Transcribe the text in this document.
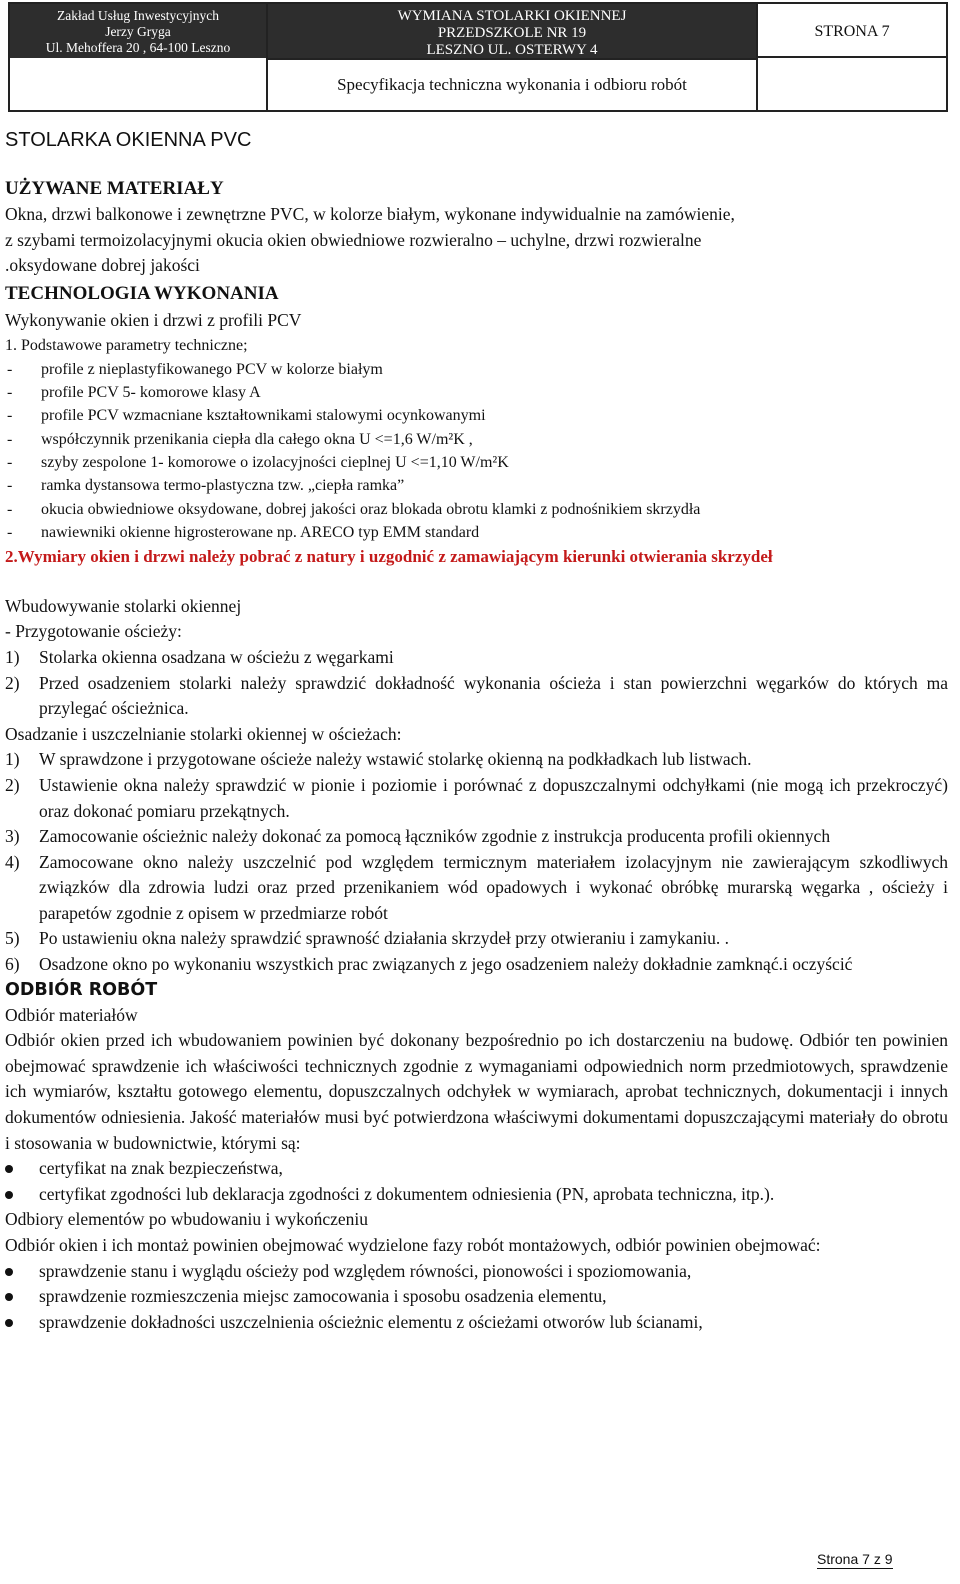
Zakład Usług Inwestycyjnych
Jerzy Gryga
Ul. Mehoffera 20 , 64-100 Leszno
WYMIANA STOLARKI OKIENNEJ
PRZEDSZKOLE NR 19
LESZNO UL. OSTERWY 4
Specyfikacja techniczna wykonania i odbioru robót
STRONA 7
STOLARKA OKIENNA PVC
UŻYWANE MATERIAŁY
Okna, drzwi balkonowe i zewnętrzne PVC, w kolorze białym, wykonane indywidualnie na zamówienie,
z szybami termoizolacyjnymi okucia okien obwiedniowe rozwieralno – uchylne, drzwi rozwieralne
.oksydowane dobrej jakości
TECHNOLOGIA WYKONANIA
Wykonywanie okien i drzwi z profili PCV
1. Podstawowe parametry techniczne;
- profile z nieplastyfikowanego PCV w kolorze białym
- profile PCV 5- komorowe klasy A
- profile PCV wzmacniane kształtownikami stalowymi ocynkowanymi
- współczynnik przenikania ciepła dla całego okna U <=1,6 W/m²K ,
- szyby zespolone 1- komorowe o izolacyjności cieplnej U <=1,10 W/m²K
- ramka dystansowa termo-plastyczna tzw. „ciepła ramka”
- okucia obwiedniowe oksydowane, dobrej jakości oraz blokada obrotu klamki z podnośnikiem skrzydła
- nawiewniki okienne higrosterowane np. ARECO typ EMM standard
2.Wymiary okien i drzwi należy pobrać z natury i uzgodnić z zamawiającym kierunki otwierania skrzydeł
Wbudowywanie stolarki okiennej
- Przygotowanie ościeży:
1) Stolarka okienna osadzana w ościeżu z węgarkami
2) Przed osadzeniem stolarki należy sprawdzić dokładność wykonania ościeża i stan powierzchni węgarków do których ma przylegać ościeżnica.
Osadzanie i uszczelnianie stolarki okiennej w ościeżach:
1) W sprawdzone i przygotowane ościeże należy wstawić stolarkę okienną na podkładkach lub listwach.
2) Ustawienie okna należy sprawdzić w pionie i poziomie i porównać z dopuszczalnymi odchyłkami (nie mogą ich przekroczyć) oraz dokonać pomiaru przekątnych.
3) Zamocowanie ościeżnic należy dokonać za pomocą łączników zgodnie z instrukcja producenta profili okiennych
4) Zamocowane okno należy uszczelnić pod względem termicznym materiałem izolacyjnym nie zawierającym szkodliwych związków dla zdrowia ludzi oraz przed przenikaniem wód opadowych i wykonać obróbkę murarską węgarka , ościeży i parapetów zgodnie z opisem w przedmiarze robót
5) Po ustawieniu okna należy sprawdzić sprawność działania skrzydeł przy otwieraniu i zamykaniu. .
6) Osadzone okno po wykonaniu wszystkich prac związanych z jego osadzeniem należy dokładnie zamknąć.i oczyścić
ODBIÓR ROBÓT
Odbiór materiałów
Odbiór okien przed ich wbudowaniem powinien być dokonany bezpośrednio po ich dostarczeniu na budowę. Odbiór ten powinien obejmować sprawdzenie ich właściwości technicznych zgodnie z wymaganiami odpowiednich norm przedmiotowych, sprawdzenie ich wymiarów, kształtu gotowego elementu, dopuszczalnych odchyłek w wymiarach, aprobat technicznych, dokumentacji i innych dokumentów odniesienia. Jakość materiałów musi być potwierdzona właściwymi dokumentami dopuszczającymi materiały do obrotu i stosowania w budownictwie, którymi są:
certyfikat na znak bezpieczeństwa,
certyfikat zgodności lub deklaracja zgodności z dokumentem odniesienia (PN, aprobata techniczna, itp.).
Odbiory elementów po wbudowaniu i wykończeniu
Odbiór okien i ich montaż powinien obejmować wydzielone fazy robót montażowych, odbiór powinien obejmować:
sprawdzenie stanu i wyglądu ościeży pod względem równości, pionowości i spoziomowania,
sprawdzenie rozmieszczenia miejsc zamocowania i sposobu osadzenia elementu,
sprawdzenie dokładności uszczelnienia ościeżnic elementu z ościeżami otworów lub ścianami,
Strona 7 z 9
